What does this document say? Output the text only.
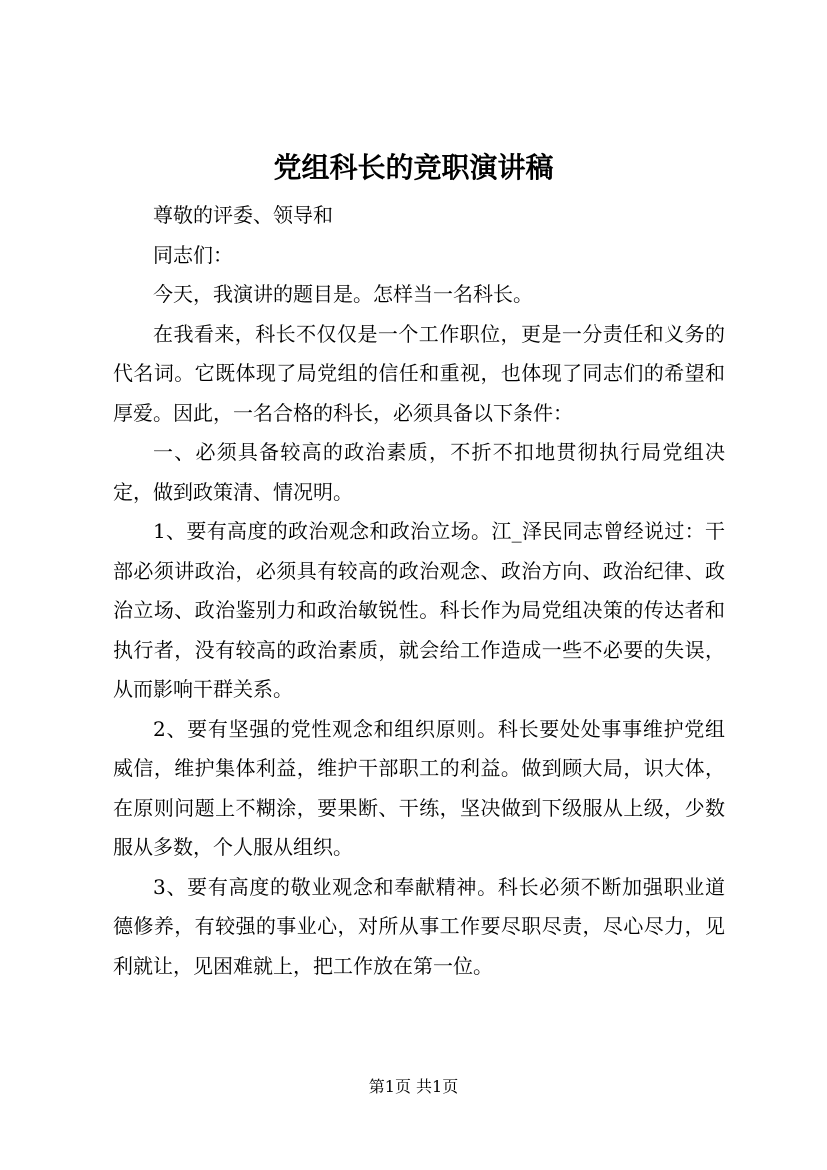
党组科长的竞职演讲稿

尊敬的评委、领导和

同志们：

今天，我演讲的题目是。怎样当一名科长。

在我看来，科长不仅仅是一个工作职位，更是一分责任和义务的代名词。它既体现了局党组的信任和重视，也体现了同志们的希望和厚爱。因此，一名合格的科长，必须具备以下条件：

一、必须具备较高的政治素质，不折不扣地贯彻执行局党组决定，做到政策清、情况明。

1、要有高度的政治观念和政治立场。江_泽民同志曾经说过：干部必须讲政治，必须具有较高的政治观念、政治方向、政治纪律、政治立场、政治鉴别力和政治敏锐性。科长作为局党组决策的传达者和执行者，没有较高的政治素质，就会给工作造成一些不必要的失误，从而影响干群关系。

2、要有坚强的党性观念和组织原则。科长要处处事事维护党组威信，维护集体利益，维护干部职工的利益。做到顾大局，识大体，在原则问题上不糊涂，要果断、干练，坚决做到下级服从上级，少数服从多数，个人服从组织。

3、要有高度的敬业观念和奉献精神。科长必须不断加强职业道德修养，有较强的事业心，对所从事工作要尽职尽责，尽心尽力，见利就让，见困难就上，把工作放在第一位。

第1页 共1页
